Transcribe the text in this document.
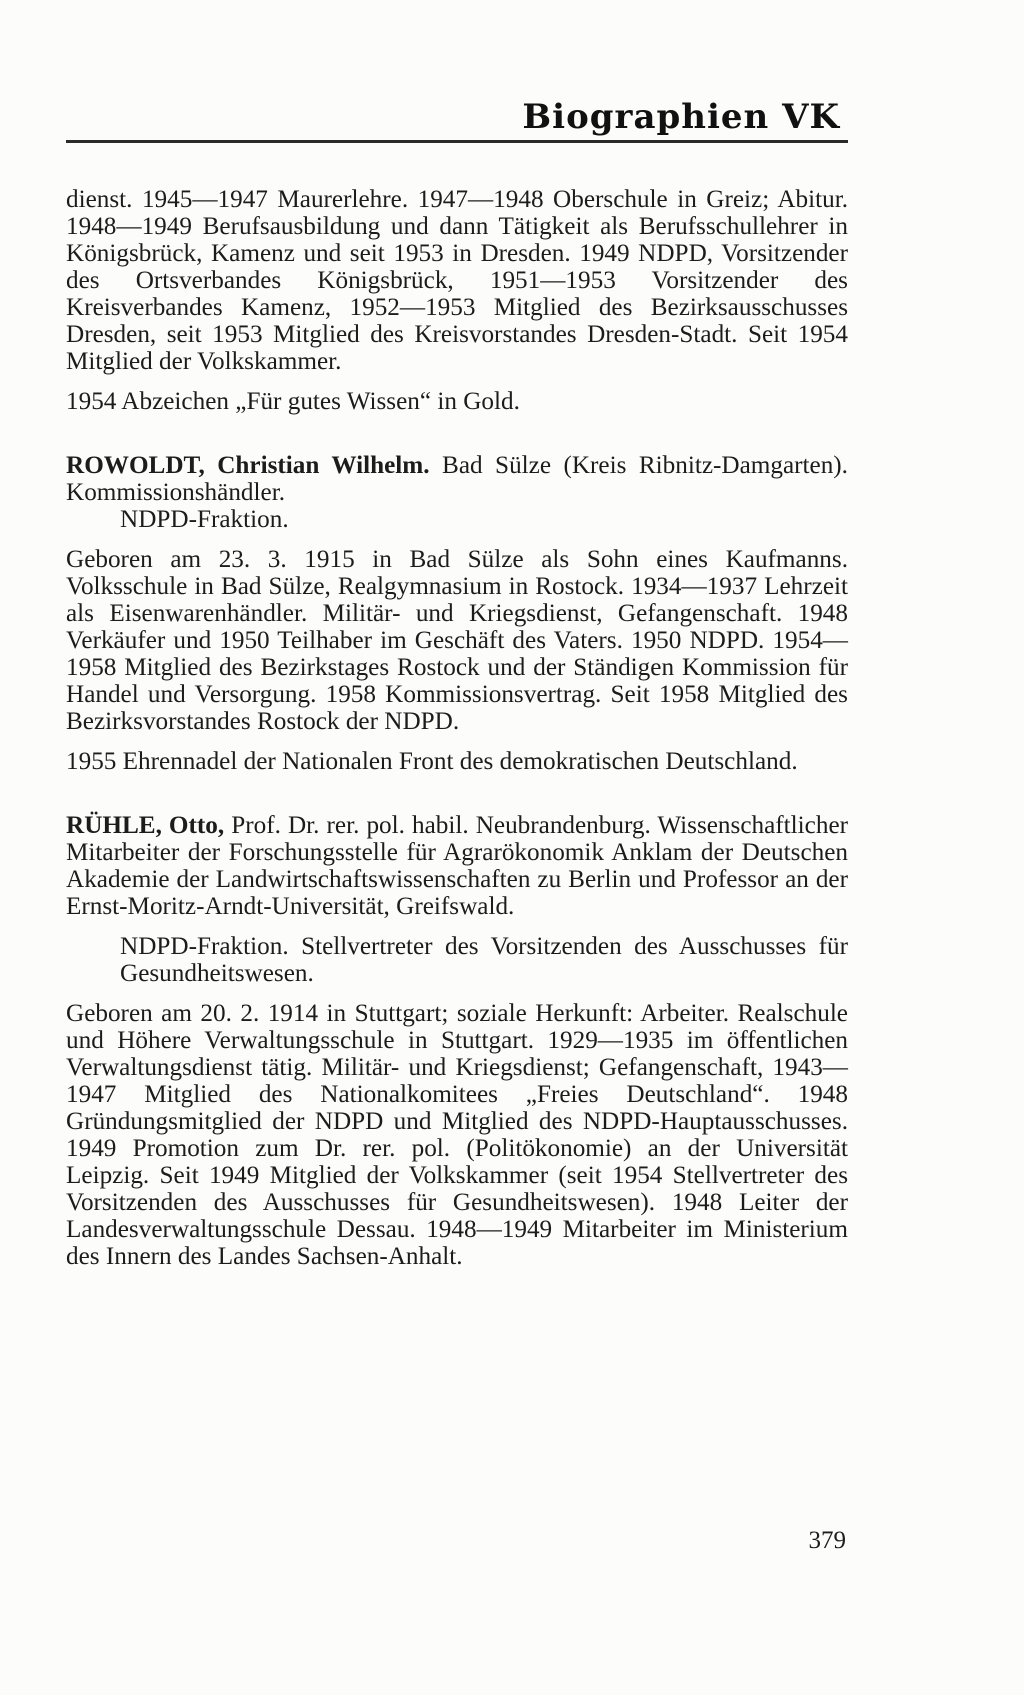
Biographien VK

dienst. 1945—1947 Maurerlehre. 1947—1948 Oberschule in Greiz; Abitur. 1948—1949 Berufsausbildung und dann Tätigkeit als Berufsschullehrer in Königsbrück, Kamenz und seit 1953 in Dresden. 1949 NDPD, Vorsitzender des Ortsverbandes Königsbrück, 1951—1953 Vorsitzender des Kreisverbandes Kamenz, 1952—1953 Mitglied des Bezirksausschusses Dresden, seit 1953 Mitglied des Kreisvorstandes Dresden-Stadt. Seit 1954 Mitglied der Volkskammer.

1954 Abzeichen „Für gutes Wissen“ in Gold.

ROWOLDT, Christian Wilhelm. Bad Sülze (Kreis Ribnitz-Damgarten). Kommissionshändler.

NDPD-Fraktion.

Geboren am 23. 3. 1915 in Bad Sülze als Sohn eines Kaufmanns. Volksschule in Bad Sülze, Realgymnasium in Rostock. 1934—1937 Lehrzeit als Eisenwarenhändler. Militär- und Kriegsdienst, Gefangenschaft. 1948 Verkäufer und 1950 Teilhaber im Geschäft des Vaters. 1950 NDPD. 1954—1958 Mitglied des Bezirkstages Rostock und der Ständigen Kommission für Handel und Versorgung. 1958 Kommissionsvertrag. Seit 1958 Mitglied des Bezirksvorstandes Rostock der NDPD.

1955 Ehrennadel der Nationalen Front des demokratischen Deutschland.

RÜHLE, Otto, Prof. Dr. rer. pol. habil. Neubrandenburg. Wissenschaftlicher Mitarbeiter der Forschungsstelle für Agrarökonomik Anklam der Deutschen Akademie der Landwirtschaftswissenschaften zu Berlin und Professor an der Ernst-Moritz-Arndt-Universität, Greifswald.

NDPD-Fraktion. Stellvertreter des Vorsitzenden des Ausschusses für Gesundheitswesen.

Geboren am 20. 2. 1914 in Stuttgart; soziale Herkunft: Arbeiter. Realschule und Höhere Verwaltungsschule in Stuttgart. 1929—1935 im öffentlichen Verwaltungsdienst tätig. Militär- und Kriegsdienst; Gefangenschaft, 1943—1947 Mitglied des Nationalkomitees „Freies Deutschland“. 1948 Gründungsmitglied der NDPD und Mitglied des NDPD-Hauptausschusses. 1949 Promotion zum Dr. rer. pol. (Politökonomie) an der Universität Leipzig. Seit 1949 Mitglied der Volkskammer (seit 1954 Stellvertreter des Vorsitzenden des Ausschusses für Gesundheitswesen). 1948 Leiter der Landesverwaltungsschule Dessau. 1948—1949 Mitarbeiter im Ministerium des Innern des Landes Sachsen-Anhalt.

379
